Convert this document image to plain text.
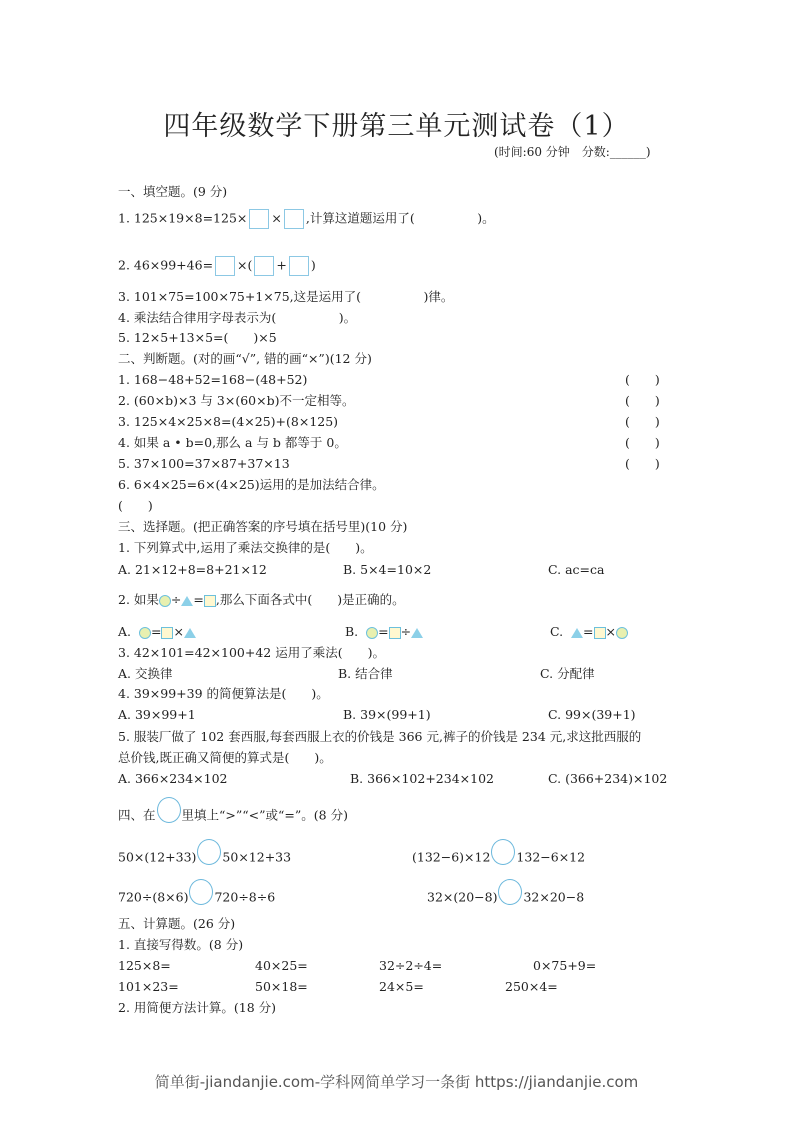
四年级数学下册第三单元测试卷（1）
(时间:60 分钟　分数:______)
一、填空题。(9 分)
1. 125×19×8=125× × ,计算这道题运用了(　　　　　)。
2. 46×99+46= ×( + )
3. 101×75=100×75+1×75,这是运用了(　　　　　)律。
4. 乘法结合律用字母表示为(　　　　　)。
5. 12×5+13×5=(　　)×5
二、判断题。(对的画“√”, 错的画“×”)(12 分)
1. 168−48+52=168−(48+52)	(　　)
2. (60×b)×3 与 3×(60×b)不一定相等。	(　　)
3. 125×4×25×8=(4×25)+(8×125)	(　　)
4. 如果 a • b=0,那么 a 与 b 都等于 0。	(　　)
5. 37×100=37×87+37×13	(　　)
6. 6×4×25=6×(4×25)运用的是加法结合律。
(　　)
三、选择题。(把正确答案的序号填在括号里)(10 分)
1. 下列算式中,运用了乘法交换律的是(　　)。
A. 21×12+8=8+21×12	B. 5×4=10×2	C. ac=ca
2. 如果 ÷ = ,那么下面各式中(　　)是正确的。
A. = ×	B. = ÷	C. = ×
3. 42×101=42×100+42 运用了乘法(　　)。
A. 交换律	B. 结合律	C. 分配律
4. 39×99+39 的简便算法是(　　)。
A. 39×99+1	B. 39×(99+1)	C. 99×(39+1)
5. 服装厂做了 102 套西服,每套西服上衣的价钱是 366 元,裤子的价钱是 234 元,求这批西服的
总价钱,既正确又简便的算式是(　　)。
A. 366×234×102	B. 366×102+234×102	C. (366+234)×102
四、在 里填上“>”“<”或“=”。(8 分)
50×(12+33) 50×12+33	(132−6)×12 132−6×12
720÷(8×6) 720÷8÷6	32×(20−8) 32×20−8
五、计算题。(26 分)
1. 直接写得数。(8 分)
125×8=	40×25=	32÷2÷4=	0×75+9=
101×23=	50×18=	24×5=	250×4=
2. 用简便方法计算。(18 分)
简单街-jiandanjie.com-学科网简单学习一条街 https://jiandanjie.com
